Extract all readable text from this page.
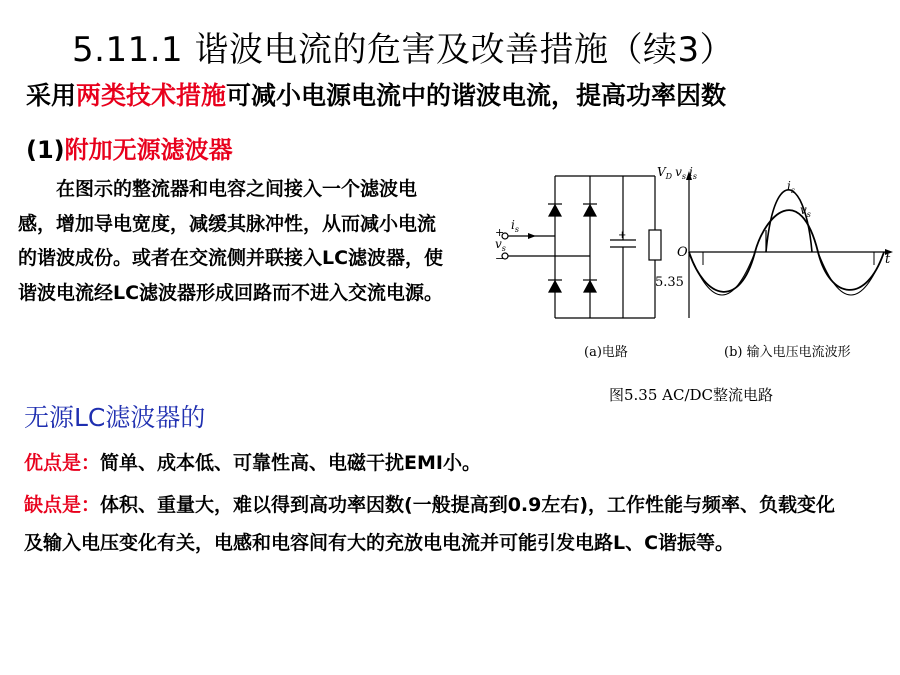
5.11.1 谐波电流的危害及改善措施（续3）
采用两类技术措施可减小电源电流中的谐波电流，提高功率因数
(1)附加无源滤波器
在图示的整流器和电容之间接入一个滤波电感，增加导电宽度，减缓其脉冲性，从而减小电流的谐波成份。或者在交流侧并联接入LC滤波器，使谐波电流经LC滤波器形成回路而不进入交流电源。
$i_s$
$v_s$
+
−
+
5.35
$V_D$ $v_s$ $i_s$
O	t
$i_s$
$v_s$
(a)电路	(b) 输入电压电流波形
图5.35 AC/DC整流电路
无源LC滤波器的
优点是：简单、成本低、可靠性高、电磁干扰EMI小。
缺点是：体积、重量大，难以得到高功率因数(一般提高到0.9左右)，工作性能与频率、负载变化及输入电压变化有关，电感和电容间有大的充放电电流并可能引发电路L、C谐振等。
